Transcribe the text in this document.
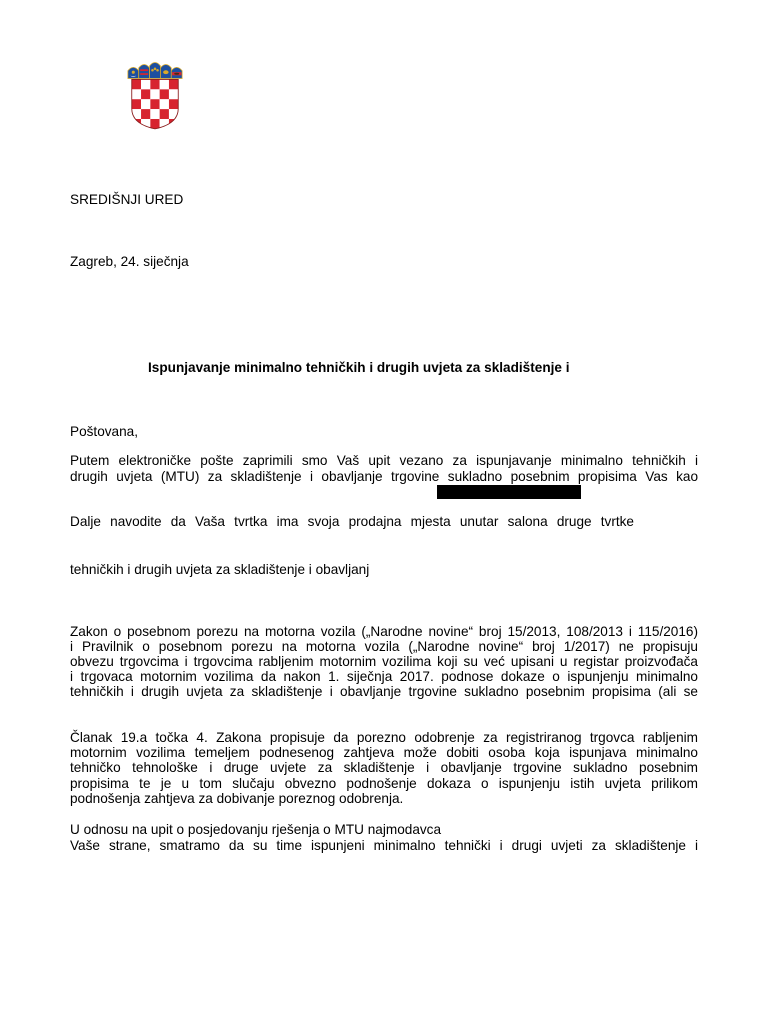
SREDIŠNJI URED
Zagreb, 24. siječnja
Ispunjavanje minimalno tehničkih i drugih uvjeta za skladištenje i
Poštovana,
Putem elektroničke pošte zaprimili smo Vaš upit vezano za ispunjavanje minimalno tehničkih i
drugih uvjeta (MTU) za skladištenje i obavljanje trgovine sukladno posebnim propisima Vas kao
Dalje navodite da Vaša tvrtka ima svoja prodajna mjesta unutar salona druge tvrtke
tehničkih i drugih uvjeta za skladištenje i obavljanj
Zakon o posebnom porezu na motorna vozila („Narodne novine“ broj 15/2013, 108/2013 i 115/2016)
i Pravilnik o posebnom porezu na motorna vozila („Narodne novine“ broj 1/2017) ne propisuju
obvezu trgovcima i trgovcima rabljenim motornim vozilima koji su već upisani u registar proizvođača
i trgovaca motornim vozilima da nakon 1. siječnja 2017. podnose dokaze o ispunjenju minimalno
tehničkih i drugih uvjeta za skladištenje i obavljanje trgovine sukladno posebnim propisima (ali se
Članak 19.a točka 4. Zakona propisuje da porezno odobrenje za registriranog trgovca rabljenim
motornim vozilima temeljem podnesenog zahtjeva može dobiti osoba koja ispunjava minimalno
tehničko tehnološke i druge uvjete za skladištenje i obavljanje trgovine sukladno posebnim
propisima te je u tom slučaju obvezno podnošenje dokaza o ispunjenju istih uvjeta prilikom
podnošenja zahtjeva za dobivanje poreznog odobrenja.
U odnosu na upit o posjedovanju rješenja o MTU najmodavca
Vaše strane, smatramo da su time ispunjeni minimalno tehnički i drugi uvjeti za skladištenje i
